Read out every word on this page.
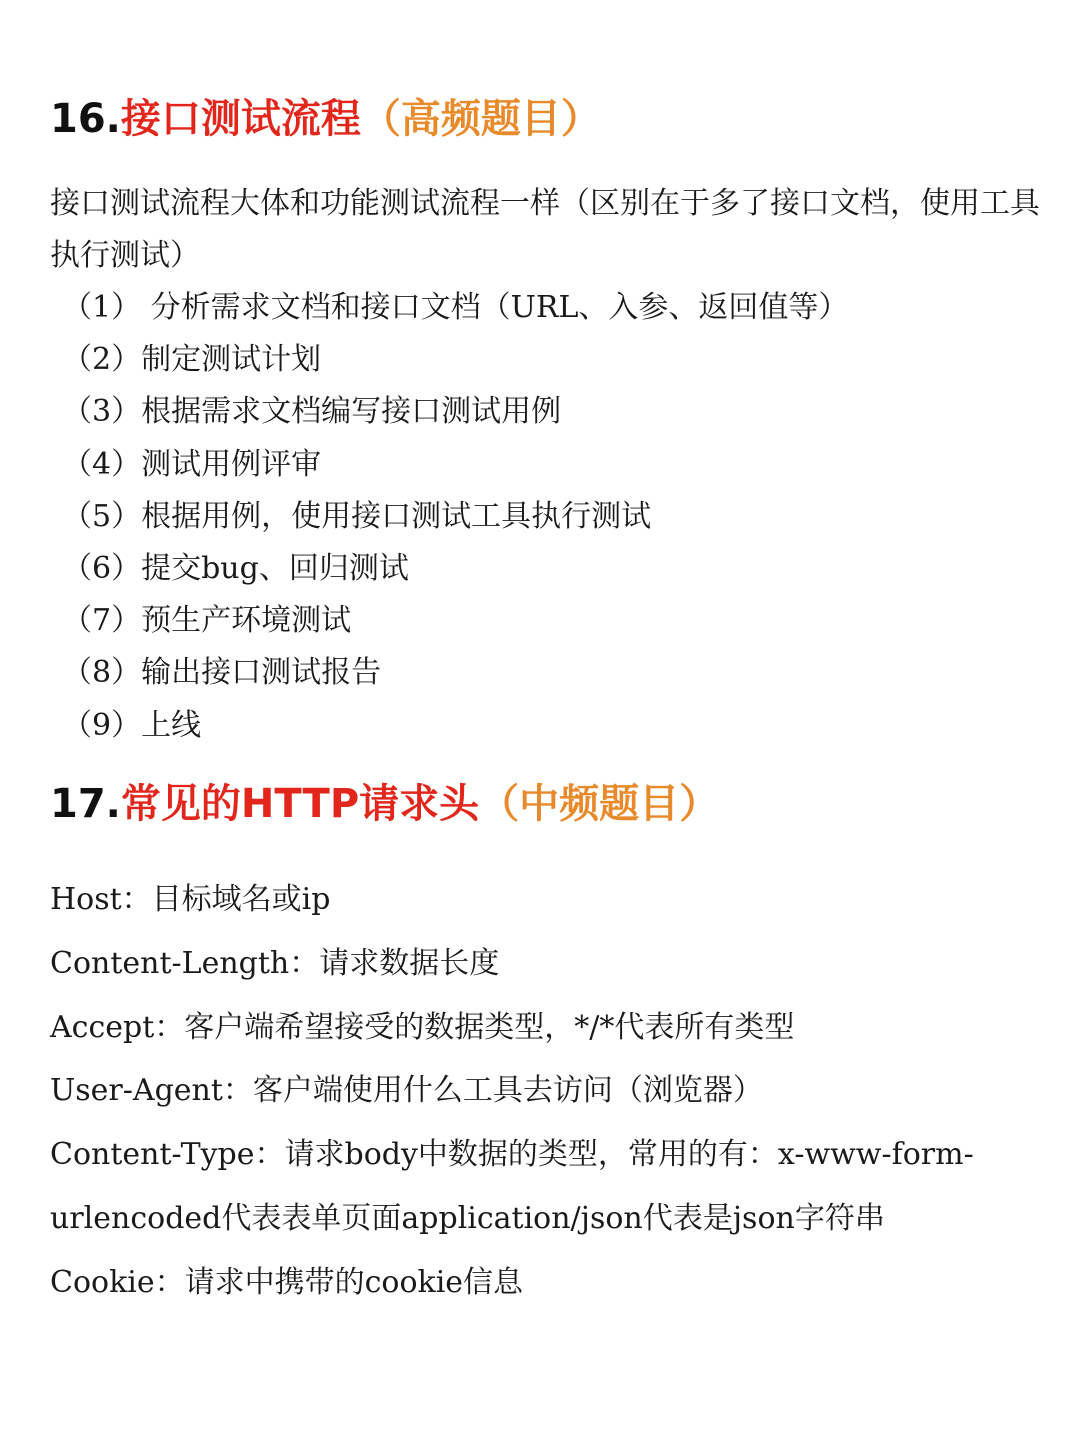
16.接口测试流程（高频题目）

接口测试流程大体和功能测试流程一样（区别在于多了接口文档，使用工具执行测试）

（1） 分析需求文档和接口文档（URL、入参、返回值等）
（2）制定测试计划
（3）根据需求文档编写接口测试用例
（4）测试用例评审
（5）根据用例，使用接口测试工具执行测试
（6）提交bug、回归测试
（7）预生产环境测试
（8）输出接口测试报告
（9）上线
17.常见的HTTP请求头（中频题目）
Host：目标域名或ip
Content-Length：请求数据长度
Accept：客户端希望接受的数据类型，*/*代表所有类型
User-Agent：客户端使用什么工具去访问（浏览器）
Content-Type：请求body中数据的类型，常用的有：x-www-form-urlencoded代表表单页面application/json代表是json字符串
Cookie：请求中携带的cookie信息
